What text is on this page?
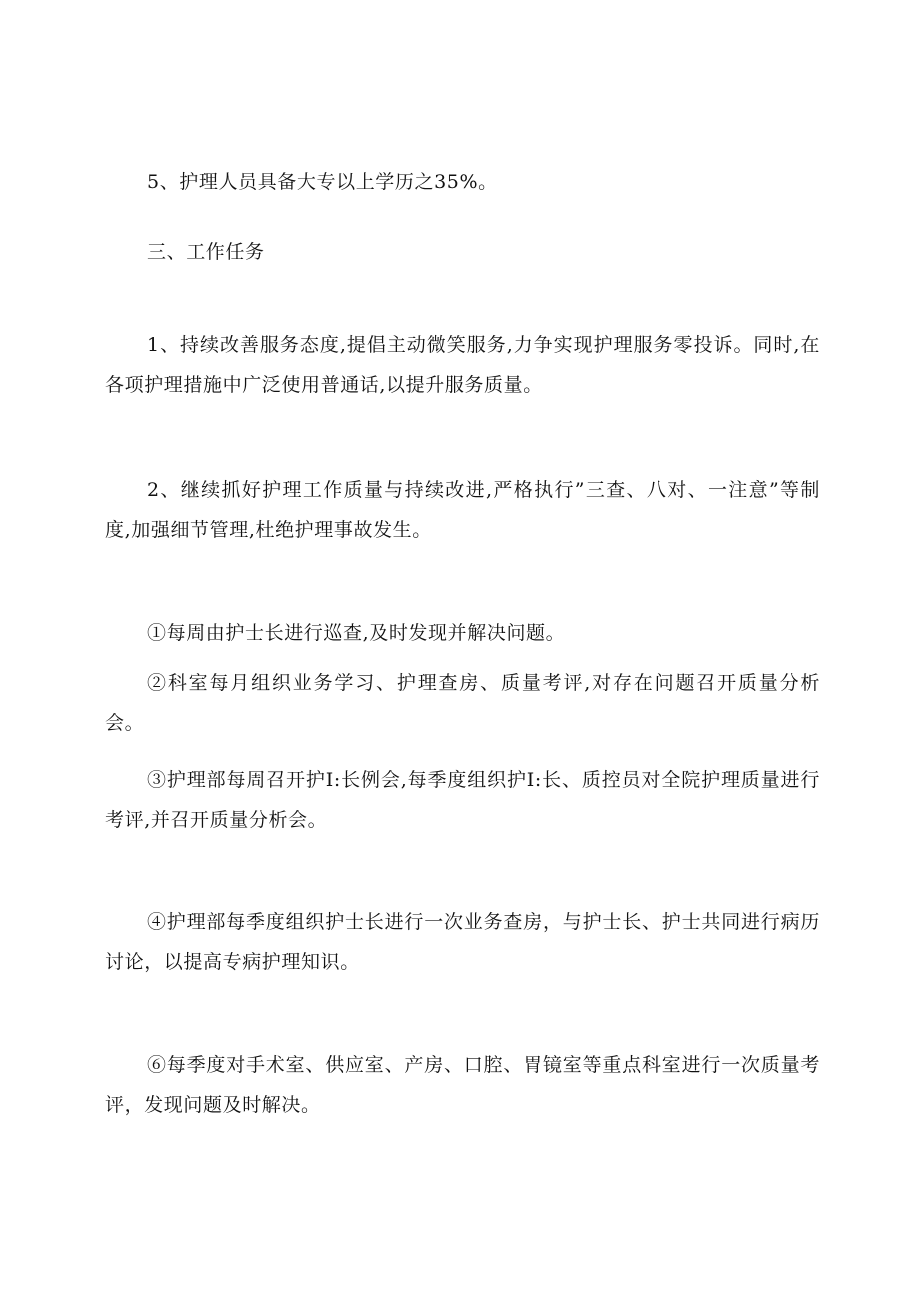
5、护理人员具备大专以上学历之35%。

三、工作任务

1、持续改善服务态度,提倡主动微笑服务,力争实现护理服务零投诉。同时,在各项护理措施中广泛使用普通话,以提升服务质量。

2、继续抓好护理工作质量与持续改进,严格执行”三查、八对、一注意”等制度,加强细节管理,杜绝护理事故发生。

①每周由护士长进行巡查,及时发现并解决问题。

②科室每月组织业务学习、护理查房、质量考评,对存在问题召开质量分析会。

③护理部每周召开护I:长例会,每季度组织护I:长、质控员对全院护理质量进行考评,并召开质量分析会。

④护理部每季度组织护士长进行一次业务查房，与护士长、护士共同进行病历讨论，以提高专病护理知识。

⑥每季度对手术室、供应室、产房、口腔、胃镜室等重点科室进行一次质量考评，发现问题及时解决。
